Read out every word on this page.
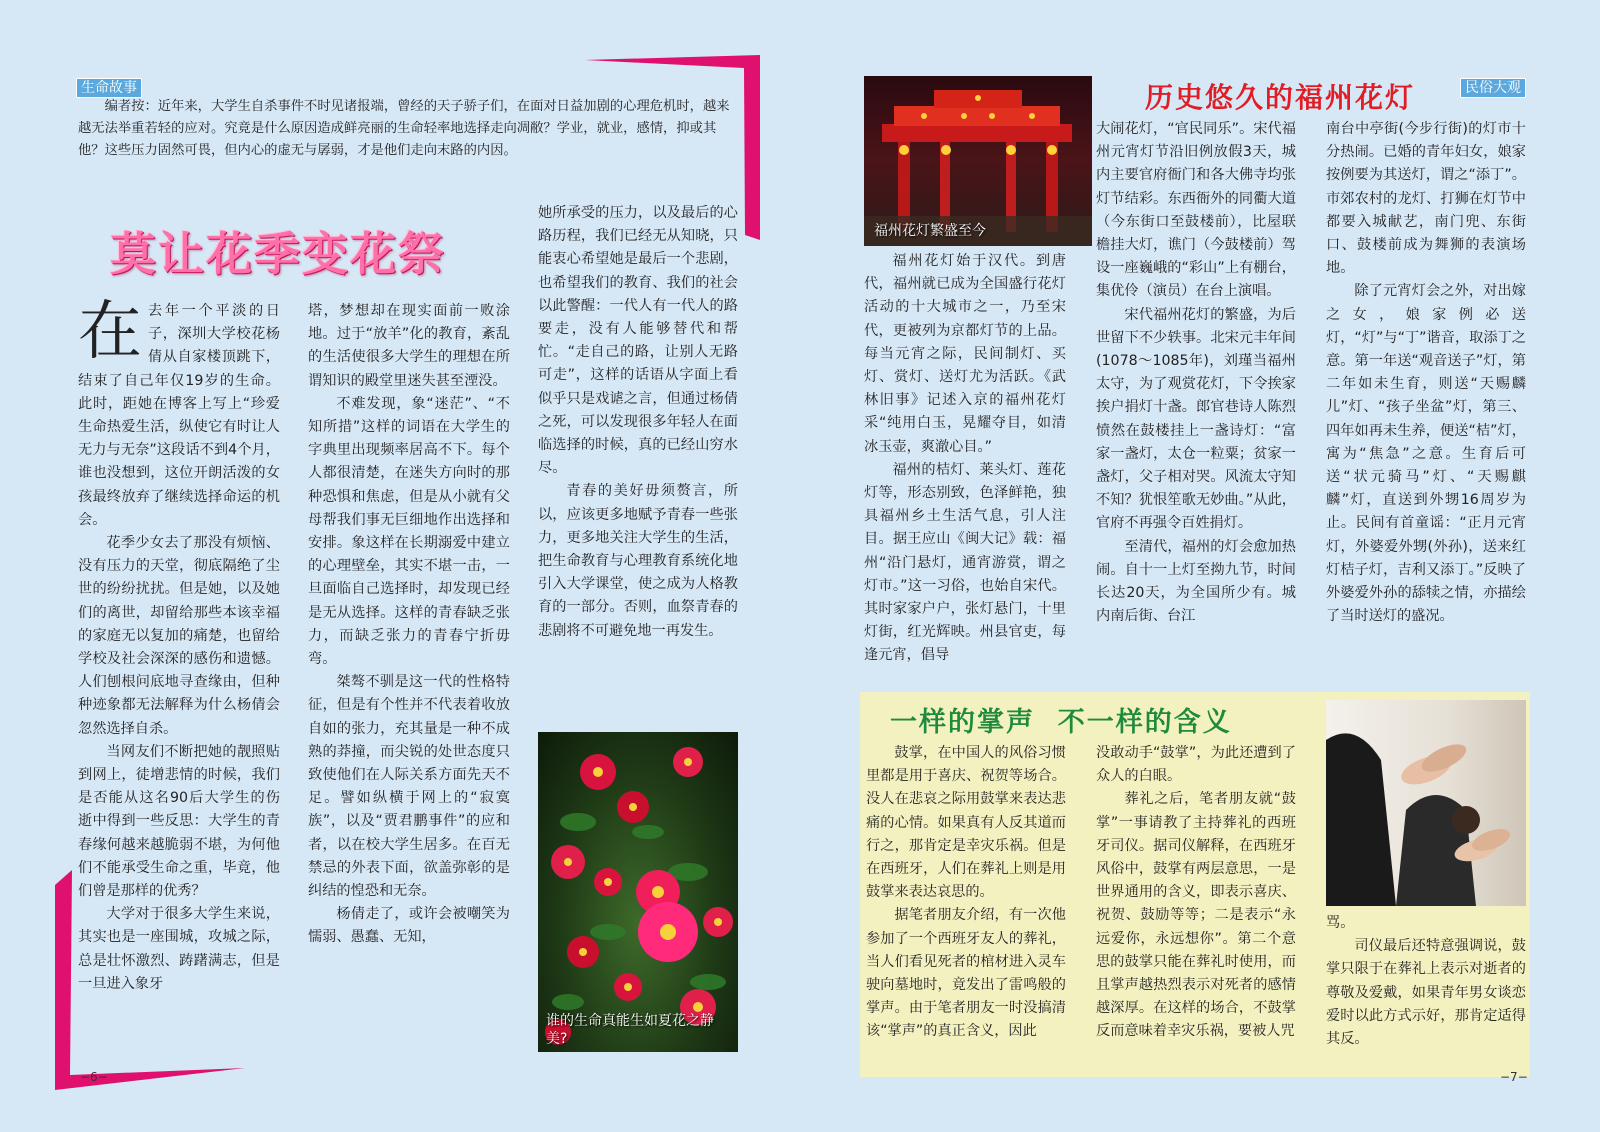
生命故事

编者按：近年来，大学生自杀事件不时见诸报端，曾经的天子骄子们，在面对日益加剧的心理危机时，越来越无法举重若轻的应对。究竟是什么原因造成鲜亮丽的生命轻率地选择走向凋敝？学业，就业，感情，抑或其他？这些压力固然可畏，但内心的虚无与孱弱，才是他们走向末路的内因。

莫让花季变花祭
在 去年一个平淡的日子，深圳大学校花杨倩从自家楼顶跳下，结束了自己年仅19岁的生命。此时，距她在博客上写上“珍爱生命热爱生活，纵使它有时让人无力与无奈”这段话不到4个月，谁也没想到，这位开朗活泼的女孩最终放弃了继续选择命运的机会。

花季少女去了那没有烦恼、没有压力的天堂，彻底隔绝了尘世的纷纷扰扰。但是她，以及她们的离世，却留给那些本该幸福的家庭无以复加的痛楚，也留给学校及社会深深的感伤和遗憾。人们刨根问底地寻查缘由，但种种迹象都无法解释为什么杨倩会忽然选择自杀。

当网友们不断把她的靓照贴到网上，徒增悲情的时候，我们是否能从这名90后大学生的伤逝中得到一些反思：大学生的青春缘何越来越脆弱不堪，为何他们不能承受生命之重，毕竟，他们曾是那样的优秀？

大学对于很多大学生来说，其实也是一座围城，攻城之际，总是壮怀激烈、踌躇满志，但是一旦进入象牙

塔，梦想却在现实面前一败涂地。过于“放羊”化的教育，紊乱的生活使很多大学生的理想在所谓知识的殿堂里迷失甚至湮没。

不难发现，象“迷茫”、“不知所措”这样的词语在大学生的字典里出现频率居高不下。每个人都很清楚，在迷失方向时的那种恐惧和焦虑，但是从小就有父母帮我们事无巨细地作出选择和安排。象这样在长期溺爱中建立的心理壁垒，其实不堪一击，一旦面临自己选择时，却发现已经是无从选择。这样的青春缺乏张力，而缺乏张力的青春宁折毋弯。

桀骜不驯是这一代的性格特征，但是有个性并不代表着收放自如的张力，充其量是一种不成熟的莽撞，而尖锐的处世态度只致使他们在人际关系方面先天不足。譬如纵横于网上的“寂寞族”，以及“贾君鹏事件”的应和者，以在校大学生居多。在百无禁忌的外表下面，欲盖弥彰的是纠结的惶恐和无奈。

杨倩走了，或许会被嘲笑为懦弱、愚蠢、无知，

她所承受的压力，以及最后的心路历程，我们已经无从知晓，只能衷心希望她是最后一个悲剧，也希望我们的教育、我们的社会以此警醒：一代人有一代人的路要走，没有人能够替代和帮忙。“走自己的路，让别人无路可走”，这样的话语从字面上看似乎只是戏谑之言，但通过杨倩之死，可以发现很多年轻人在面临选择的时候，真的已经山穷水尽。

青春的美好毋须赘言，所以，应该更多地赋予青春一些张力，更多地关注大学生的生活，把生命教育与心理教育系统化地引入大学课堂，使之成为人格教育的一部分。否则，血祭青春的悲剧将不可避免地一再发生。

谁的生命真能生如夏花之静美?
−6−
福州花灯繁盛至今
历史悠久的福州花灯	民俗大观

福州花灯始于汉代。到唐代，福州就已成为全国盛行花灯活动的十大城市之一，乃至宋代，更被列为京都灯节的上品。每当元宵之际，民间制灯、买灯、赏灯、送灯尤为活跃。《武林旧事》记述入京的福州花灯采“纯用白玉，晃耀夺目，如清冰玉壶，爽澈心目。”

福州的桔灯、莱头灯、莲花灯等，形态别致，色泽鲜艳，独具福州乡土生活气息，引人注目。据王应山《闽大记》载：福州“沿门悬灯，通宵游赏，谓之灯市。”这一习俗，也始自宋代。其时家家户户，张灯悬门，十里灯街，红光辉映。州县官吏，每逢元宵，倡导

大闹花灯，“官民同乐”。宋代福州元宵灯节沿旧例放假3天，城内主要官府衙门和各大佛寺均张灯节结彩。东西衙外的同衢大道（今东街口至鼓楼前），比屋联檐挂大灯，谯门（今鼓楼前）驾设一座巍峨的“彩山”上有棚台，集优伶（演员）在台上演唱。

宋代福州花灯的繁盛，为后世留下不少轶事。北宋元丰年间(1078～1085年)，刘瑾当福州太守，为了观赏花灯，下令挨家挨户捐灯十盏。郎官巷诗人陈烈愤然在鼓楼挂上一盏诗灯：“富家一盏灯，太仓一粒粟；贫家一盏灯，父子相对哭。风流太守知不知？犹恨笙歌无妙曲。”从此，官府不再强令百姓捐灯。

至清代，福州的灯会愈加热闹。自十一上灯至拗九节，时间长达20天，为全国所少有。城内南后街、台江

南台中亭街(今步行街)的灯市十分热闹。已婚的青年妇女，娘家按例要为其送灯，谓之“添丁”。市郊农村的龙灯、打狮在灯节中都要入城献艺，南门兜、东街口、鼓楼前成为舞狮的表演场地。

除了元宵灯会之外，对出嫁之女，娘家例必送灯，“灯”与“丁”谐音，取添丁之意。第一年送“观音送子”灯，第二年如未生育，则送“天赐麟儿”灯、“孩子坐盆”灯，第三、四年如再未生养，便送“桔”灯，寓为“焦急”之意。生育后可送“状元骑马”灯、“天赐麒麟”灯，直送到外甥16周岁为止。民间有首童谣：“正月元宵灯，外婆爱外甥(外孙)，送来红灯桔子灯，吉利又添丁。”反映了外婆爱外孙的舔犊之情，亦描绘了当时送灯的盛况。

一样的掌声  不一样的含义

鼓掌，在中国人的风俗习惯里都是用于喜庆、祝贺等场合。没人在悲哀之际用鼓掌来表达悲痛的心情。如果真有人反其道而行之，那肯定是幸灾乐祸。但是在西班牙，人们在葬礼上则是用鼓掌来表达哀思的。

据笔者朋友介绍，有一次他参加了一个西班牙友人的葬礼，当人们看见死者的棺材进入灵车驶向墓地时，竟发出了雷鸣般的掌声。由于笔者朋友一时没搞清该“掌声”的真正含义，因此

没敢动手“鼓掌”，为此还遭到了众人的白眼。

葬礼之后，笔者朋友就“鼓掌”一事请教了主持葬礼的西班牙司仪。据司仪解释，在西班牙风俗中，鼓掌有两层意思，一是世界通用的含义，即表示喜庆、祝贺、鼓励等等；二是表示“永远爱你，永远想你”。第二个意思的鼓掌只能在葬礼时使用，而且掌声越热烈表示对死者的感情越深厚。在这样的场合，不鼓掌反而意味着幸灾乐祸，要被人咒

骂。

司仪最后还特意强调说，鼓掌只限于在葬礼上表示对逝者的尊敬及爱戴，如果青年男女谈恋爱时以此方式示好，那肯定适得其反。

−7−
